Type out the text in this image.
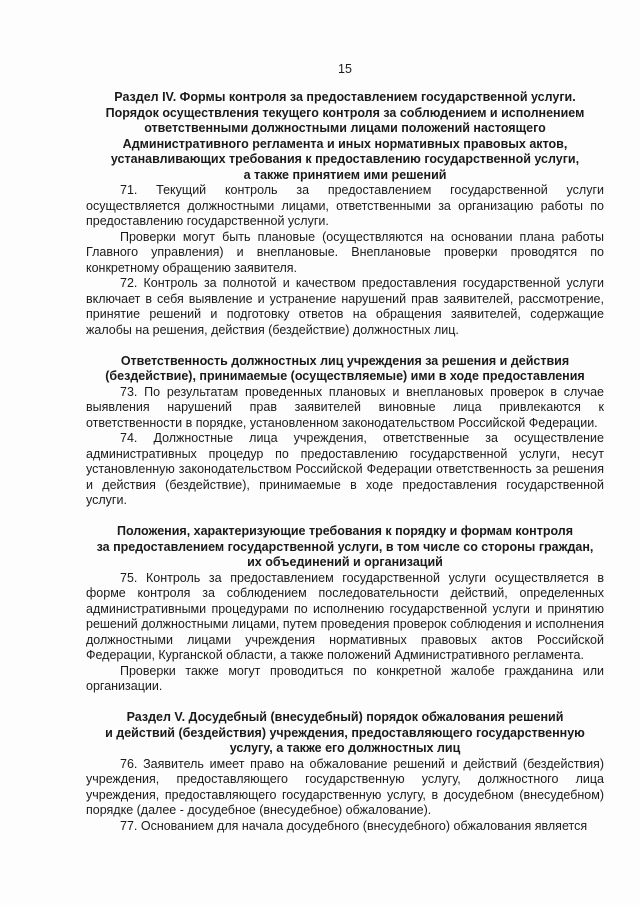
15
Раздел IV. Формы контроля за предоставлением государственной услуги.
Порядок осуществления текущего контроля за соблюдением и исполнением
ответственными должностными лицами положений настоящего
Административного регламента и иных нормативных правовых актов,
устанавливающих требования к предоставлению государственной услуги,
а также принятием ими решений

71. Текущий контроль за предоставлением государственной услуги осуществляется должностными лицами, ответственными за организацию работы по предоставлению государственной услуги.

Проверки могут быть плановые (осуществляются на основании плана работы Главного управления) и внеплановые. Внеплановые проверки проводятся по конкретному обращению заявителя.

72. Контроль за полнотой и качеством предоставления государственной услуги включает в себя выявление и устранение нарушений прав заявителей, рассмотрение, принятие решений и подготовку ответов на обращения заявителей, содержащие жалобы на решения, действия (бездействие) должностных лиц.

Ответственность должностных лиц учреждения за решения и действия
(бездействие), принимаемые (осуществляемые) ими в ходе предоставления

73. По результатам проведенных плановых и внеплановых проверок в случае выявления нарушений прав заявителей виновные лица привлекаются к ответственности в порядке, установленном законодательством Российской Федерации.

74. Должностные лица учреждения, ответственные за осуществление административных процедур по предоставлению государственной услуги, несут установленную законодательством Российской Федерации ответственность за решения и действия (бездействие), принимаемые в ходе предоставления государственной услуги.

Положения, характеризующие требования к порядку и формам контроля
за предоставлением государственной услуги, в том числе со стороны граждан,
их объединений и организаций

75. Контроль за предоставлением государственной услуги осуществляется в форме контроля за соблюдением последовательности действий, определенных административными процедурами по исполнению государственной услуги и принятию решений должностными лицами, путем проведения проверок соблюдения и исполнения должностными лицами учреждения нормативных правовых актов Российской Федерации, Курганской области, а также положений Административного регламента.

Проверки также могут проводиться по конкретной жалобе гражданина или организации.

Раздел V. Досудебный (внесудебный) порядок обжалования решений
и действий (бездействия) учреждения, предоставляющего государственную
услугу, а также его должностных лиц

76. Заявитель имеет право на обжалование решений и действий (бездействия) учреждения, предоставляющего государственную услугу, должностного лица учреждения, предоставляющего государственную услугу, в досудебном (внесудебном) порядке (далее - досудебное (внесудебное) обжалование).

77. Основанием для начала досудебного (внесудебного) обжалования является
